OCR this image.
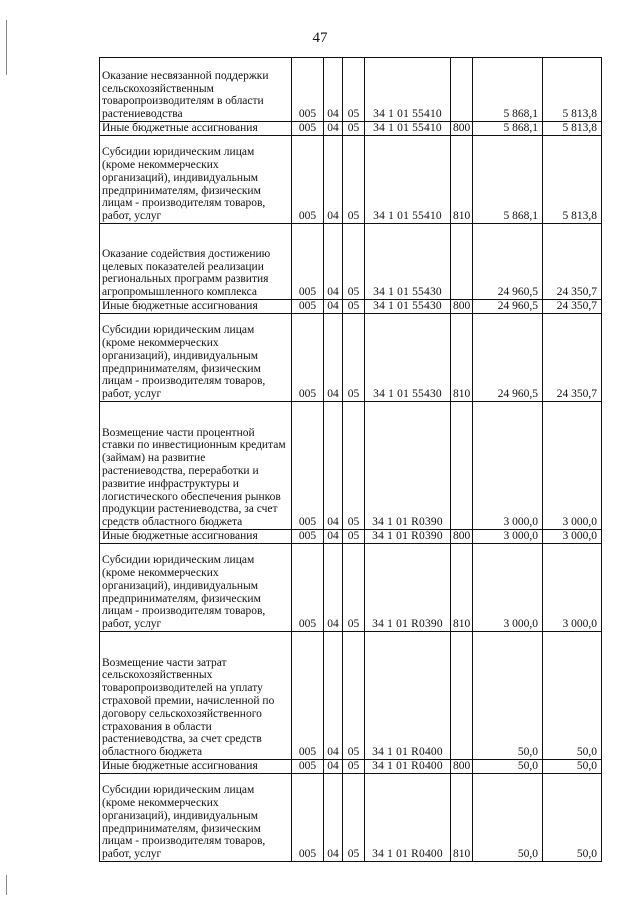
47
Оказание несвязанной поддержки сельскохозяйственным товаропроизводителям в области растениеводства	005	04	05	34 1 01 55410		5 868,1	5 813,8
Иные бюджетные ассигнования	005	04	05	34 1 01 55410	800	5 868,1	5 813,8
Субсидии юридическим лицам (кроме некоммерческих организаций), индивидуальным предпринимателям, физическим лицам - производителям товаров, работ, услуг	005	04	05	34 1 01 55410	810	5 868,1	5 813,8
Оказание содействия достижению целевых показателей реализации региональных программ развития агропромышленного комплекса	005	04	05	34 1 01 55430		24 960,5	24 350,7
Иные бюджетные ассигнования	005	04	05	34 1 01 55430	800	24 960,5	24 350,7
Субсидии юридическим лицам (кроме некоммерческих организаций), индивидуальным предпринимателям, физическим лицам - производителям товаров, работ, услуг	005	04	05	34 1 01 55430	810	24 960,5	24 350,7
Возмещение части процентной ставки по инвестиционным кредитам (займам) на развитие растениеводства, переработки и развитие инфраструктуры и логистического обеспечения рынков продукции растениеводства, за счет средств областного бюджета	005	04	05	34 1 01 R0390		3 000,0	3 000,0
Иные бюджетные ассигнования	005	04	05	34 1 01 R0390	800	3 000,0	3 000,0
Субсидии юридическим лицам (кроме некоммерческих организаций), индивидуальным предпринимателям, физическим лицам - производителям товаров, работ, услуг	005	04	05	34 1 01 R0390	810	3 000,0	3 000,0
Возмещение части затрат сельскохозяйственных товаропроизводителей на уплату страховой премии, начисленной по договору сельскохозяйственного страхования в области растениеводства, за счет средств областного бюджета	005	04	05	34 1 01 R0400		50,0	50,0
Иные бюджетные ассигнования	005	04	05	34 1 01 R0400	800	50,0	50,0
Субсидии юридическим лицам (кроме некоммерческих организаций), индивидуальным предпринимателям, физическим лицам - производителям товаров, работ, услуг	005	04	05	34 1 01 R0400	810	50,0	50,0
